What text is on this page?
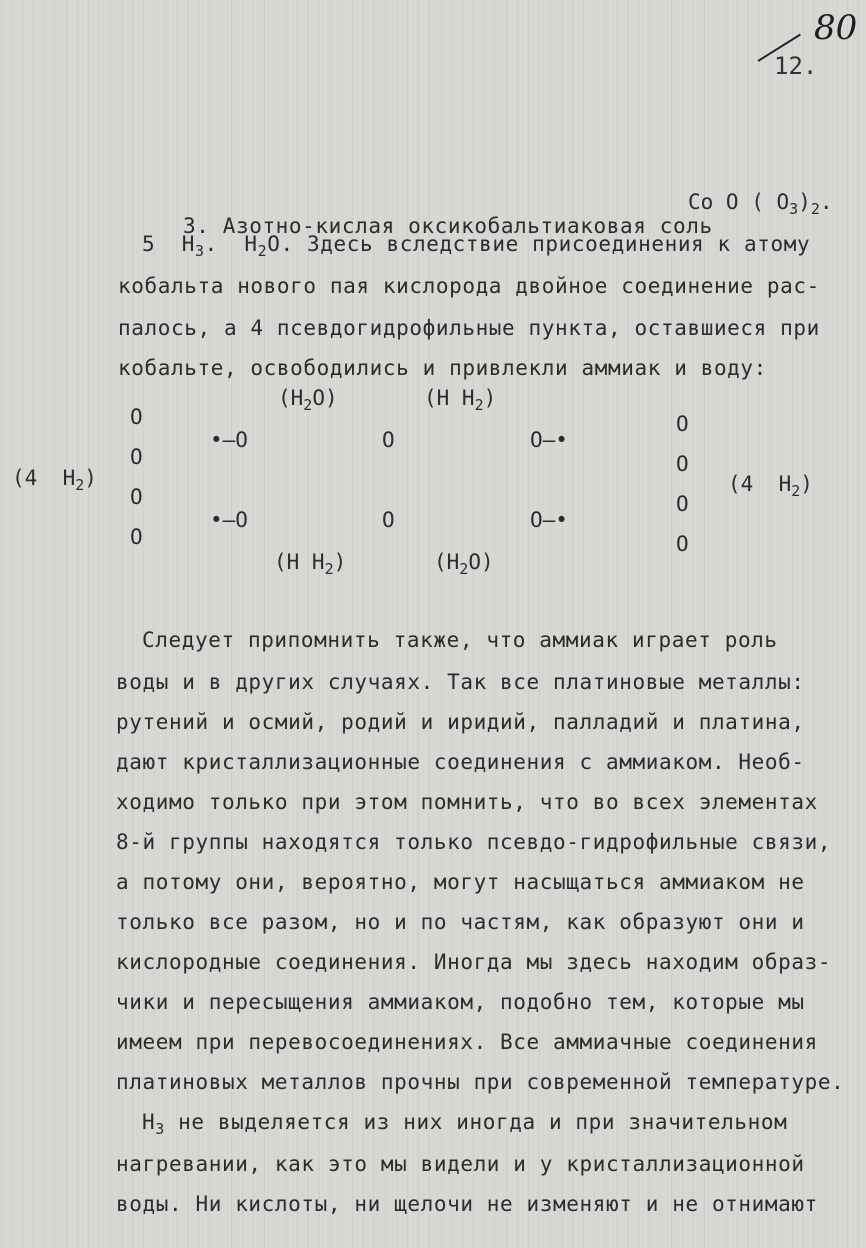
80
12.

3. Азотно-кислая оксикобальтиаковая соль

Co O ( $O_3)_2$.
5 $Н_3$. $Н_2О$. Здесь вследствие присоединения к атому
кобальта нового пая кислорода двойное соединение рас-
палось, а 4 псевдогидрофильные пункта, оставшиеся при
кобальте, освободились и привлекли аммиак и воду:
$(Н_2O)$	(Н $Н_2$)
O
O
O
O
•–O
•–O
O
O
O–•
O–•
O
O
O
O
(4 $Н_2$)	(4 $Н_2$)
(Н $Н_2$)	$(Н_2O)$
Следует припомнить также, что аммиак играет роль
воды и в других случаях. Так все платиновые металлы:
рутений и осмий, родий и иридий, палладий и платина,
дают кристаллизационные соединения с аммиаком. Необ-
ходимо только при этом помнить, что во всех элементах
8-й группы находятся только псевдо-гидрофильные связи,
а потому они, вероятно, могут насыщаться аммиаком не
только все разом, но и по частям, как образуют они и
кислородные соединения. Иногда мы здесь находим образ-
чики и пересыщения аммиаком, подобно тем, которые мы
имеем при перевосоединениях. Все аммиачные соединения
платиновых металлов прочны при современной температуре.
$Н_3$ не выделяется из них иногда и при значительном
нагревании, как это мы видели и у кристаллизационной
воды. Ни кислоты, ни щелочи не изменяют и не отнимают
